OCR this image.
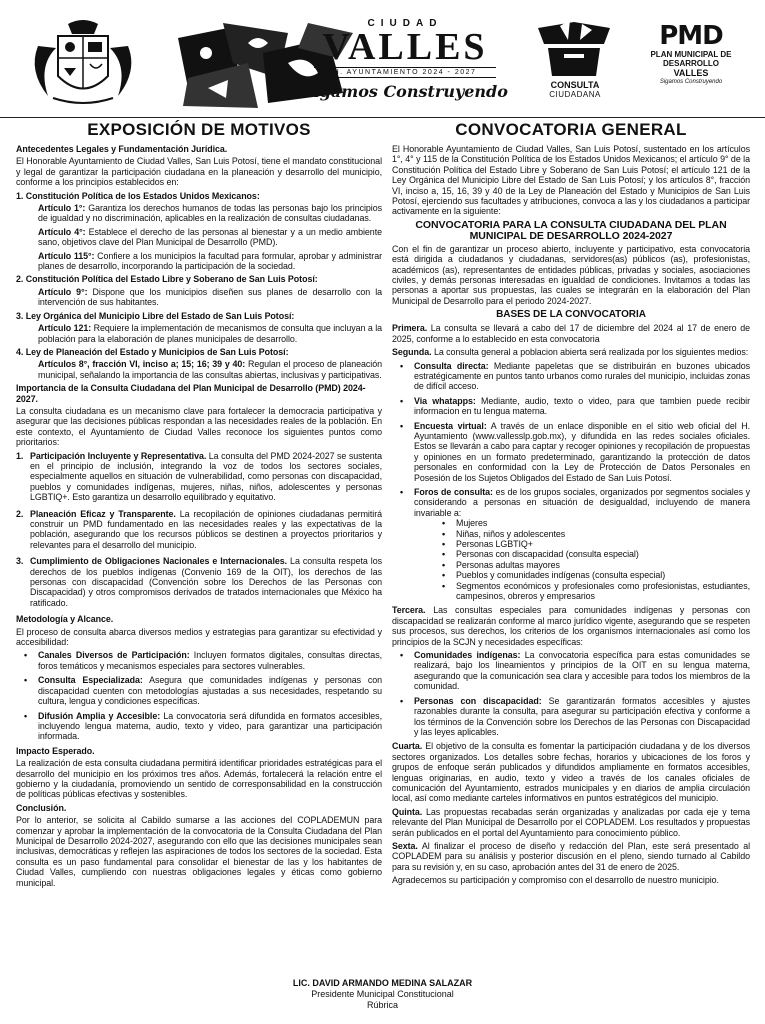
CIUDAD
VALLES
H. AYUNTAMIENTO 2024 - 2027
Sigamos Construyendo	CONSULTA
CIUDADANA
PMD
PLAN MUNICIPAL DE DESARROLLO
VALLES
Sigamos Construyendo
EXPOSICIÓN DE MOTIVOS
Antecedentes Legales y Fundamentación Jurídica.

El Honorable Ayuntamiento de Ciudad Valles, San Luis Potosí, tiene el mandato constitucional y legal de garantizar la participación ciudadana en la planeación y desarrollo del municipio, conforme a los principios establecidos en:

1. Constitución Política de los Estados Unidos Mexicanos:

Artículo 1°: Garantiza los derechos humanos de todas las personas bajo los principios de igualdad y no discriminación, aplicables en la realización de consultas ciudadanas.

Artículo 4°: Establece el derecho de las personas al bienestar y a un medio ambiente sano, objetivos clave del Plan Municipal de Desarrollo (PMD).

Artículo 115°: Confiere a los municipios la facultad para formular, aprobar y administrar planes de desarrollo, incorporando la participación de la sociedad.

2. Constitución Política del Estado Libre y Soberano de San Luis Potosí:

Artículo 9°: Dispone que los municipios diseñen sus planes de desarrollo con la intervención de sus habitantes.

3. Ley Orgánica del Municipio Libre del Estado de San Luis Potosí:

Artículo 121: Requiere la implementación de mecanismos de consulta que incluyan a la población para la elaboración de planes municipales de desarrollo.

4. Ley de Planeación del Estado y Municipios de San Luis Potosí:

Artículos 8°, fracción VI, inciso a; 15; 16; 39 y 40: Regulan el proceso de planeación municipal, señalando la importancia de las consultas abiertas, inclusivas y participativas.

Importancia de la Consulta Ciudadana del Plan Municipal de Desarrollo (PMD) 2024-2027.

La consulta ciudadana es un mecanismo clave para fortalecer la democracia participativa y asegurar que las decisiones públicas respondan a las necesidades reales de la población. En este contexto, el Ayuntamiento de Ciudad Valles reconoce los siguientes puntos como prioritarios:

1. Participación Incluyente y Representativa. La consulta del PMD 2024-2027 se sustenta en el principio de inclusión, integrando la voz de todos los sectores sociales, especialmente aquellos en situación de vulnerabilidad, como personas con discapacidad, pueblos y comunidades indígenas, mujeres, niñas, niños, adolescentes y personas LGBTIQ+. Esto garantiza un desarrollo equilibrado y equitativo.

2. Planeación Eficaz y Transparente. La recopilación de opiniones ciudadanas permitirá construir un PMD fundamentado en las necesidades reales y las expectativas de la población, asegurando que los recursos públicos se destinen a proyectos prioritarios y relevantes para el desarrollo del municipio.

3. Cumplimiento de Obligaciones Nacionales e Internacionales. La consulta respeta los derechos de los pueblos indígenas (Convenio 169 de la OIT), los derechos de las personas con discapacidad (Convención sobre los Derechos de las Personas con Discapacidad) y otros compromisos derivados de tratados internacionales que México ha ratificado.

Metodología y Alcance.

El proceso de consulta abarca diversos medios y estrategias para garantizar su efectividad y accesibilidad:

• Canales Diversos de Participación: Incluyen formatos digitales, consultas directas, foros temáticos y mecanismos especiales para sectores vulnerables.
• Consulta Especializada: Asegura que comunidades indígenas y personas con discapacidad cuenten con metodologías ajustadas a sus necesidades, respetando su cultura, lengua y condiciones específicas.
• Difusión Amplia y Accesible: La convocatoria será difundida en formatos accesibles, incluyendo lengua materna, audio, texto y video, para garantizar una participación informada.
Impacto Esperado.

La realización de esta consulta ciudadana permitirá identificar prioridades estratégicas para el desarrollo del municipio en los próximos tres años. Además, fortalecerá la relación entre el gobierno y la ciudadanía, promoviendo un sentido de corresponsabilidad en la construcción de políticas públicas efectivas y sostenibles.

Conclusión.

Por lo anterior, se solicita al Cabildo sumarse a las acciones del COPLADEMUN para comenzar y aprobar la implementación de la convocatoria de la Consulta Ciudadana del Plan Municipal de Desarrollo 2024-2027, asegurando con ello que las decisiones municipales sean inclusivas, democráticas y reflejen las aspiraciones de todos los sectores de la sociedad. Esta consulta es un paso fundamental para consolidar el bienestar de las y los habitantes de Ciudad Valles, cumpliendo con nuestras obligaciones legales y éticas como gobierno municipal.

CONVOCATORIA GENERAL

El Honorable Ayuntamiento de Ciudad Valles, San Luis Potosí, sustentado en los artículos 1°, 4° y 115 de la Constitución Política de los Estados Unidos Mexicanos; el artículo 9° de la Constitución Política del Estado Libre y Soberano de San Luis Potosí; el artículo 121 de la Ley Orgánica del Municipio Libre del Estado de San Luis Potosí; y los artículos 8°, fracción VI, inciso a, 15, 16, 39 y 40 de la Ley de Planeación del Estado y Municipios de San Luis Potosí, ejerciendo sus facultades y atribuciones, convoca a las y los ciudadanos a participar activamente en la siguiente:

CONVOCATORIA PARA LA CONSULTA CIUDADANA DEL PLAN MUNICIPAL DE DESARROLLO 2024-2027

Con el fin de garantizar un proceso abierto, incluyente y participativo, esta convocatoria está dirigida a ciudadanos y ciudadanas, servidores(as) públicos (as), profesionistas, académicos (as), representantes de entidades públicas, privadas y sociales, asociaciones civiles, y demás personas interesadas en igualdad de condiciones. Invitamos a todas las personas a aportar sus propuestas, las cuales se integrarán en la elaboración del Plan Municipal de Desarrollo para el periodo 2024-2027.

BASES DE LA CONVOCATORIA

Primera. La consulta se llevará a cabo del 17 de diciembre del 2024 al 17 de enero de 2025, conforme a lo establecido en esta convocatoria

Segunda. La consulta general a poblacion abierta será realizada por los siguientes medios:

• Consulta directa: Mediante papeletas que se distribuirán en buzones ubicados estratégicamente en puntos tanto urbanos como rurales del municipio, incluidas zonas de difícil acceso.
• Via whatapps: Mediante, audio, texto o video, para que tambien puede recibir informacion en tu lengua materna.
• Encuesta virtual: A través de un enlace disponible en el sitio web oficial del H. Ayuntamiento (www.vallesslp.gob.mx), y difundida en las redes sociales oficiales. Estos se llevarán a cabo para captar y recoger opiniones y recopilación de propuestas y opiniones en un formato predeterminado, garantizando la protección de datos personales en conformidad con la Ley de Protección de Datos Personales en Posesión de los Sujetos Obligados del Estado de San Luis Potosí.
• Foros de consulta: es de los grupos sociales, organizados por segmentos sociales y considerando a personas en situación de desigualdad, incluyendo de manera invariable a:
• Mujeres
• Niñas, niños y adolescentes
• Personas LGBTIQ+
• Personas con discapacidad (consulta especial)
• Personas adultas mayores
• Pueblos y comunidades indígenas (consulta especial)
• Segmentos económicos y profesionales como profesionistas, estudiantes, campesinos, obreros y empresarios

Tercera. Las consultas especiales para comunidades indígenas y personas con discapacidad se realizarán conforme al marco jurídico vigente, asegurando que se respeten sus procesos, sus derechos, los criterios de los organismos internacionales así como los principios de la SCJN y necesidades específicas:

• Comunidades indígenas: La convocatoria específica para estas comunidades se realizará, bajo los lineamientos y principios de la OIT en su lengua materna, asegurando que la comunicación sea clara y accesible para todos los miembros de la comunidad.
• Personas con discapacidad: Se garantizarán formatos accesibles y ajustes razonables durante la consulta, para asegurar su participación efectiva y conforme a los términos de la Convención sobre los Derechos de las Personas con Discapacidad y las leyes aplicables.

Cuarta. El objetivo de la consulta es fomentar la participación ciudadana y de los diversos sectores organizados. Los detalles sobre fechas, horarios y ubicaciones de los foros y grupos de enfoque serán publicados y difundidos ampliamente en formatos accesibles, lenguas originarias, en audio, texto y video a través de los canales oficiales de comunicación del Ayuntamiento, estrados municipales y en diarios de amplia circulación local, así como mediante carteles informativos en puntos estratégicos del municipio.

Quinta. Las propuestas recabadas serán organizadas y analizadas por cada eje y tema relevante del Plan Municipal de Desarrollo por el COPLADEM. Los resultados y propuestas serán publicados en el portal del Ayuntamiento para conocimiento público.

Sexta. Al finalizar el proceso de diseño y redacción del Plan, este será presentado al COPLADEM para su análisis y posterior discusión en el pleno, siendo turnado al Cabildo para su revisión y, en su caso, aprobación antes del 31 de enero de 2025.

Agradecemos su participación y compromiso con el desarrollo de nuestro municipio.

LIC. DAVID ARMANDO MEDINA SALAZAR
Presidente Municipal Constitucional
Rúbrica
